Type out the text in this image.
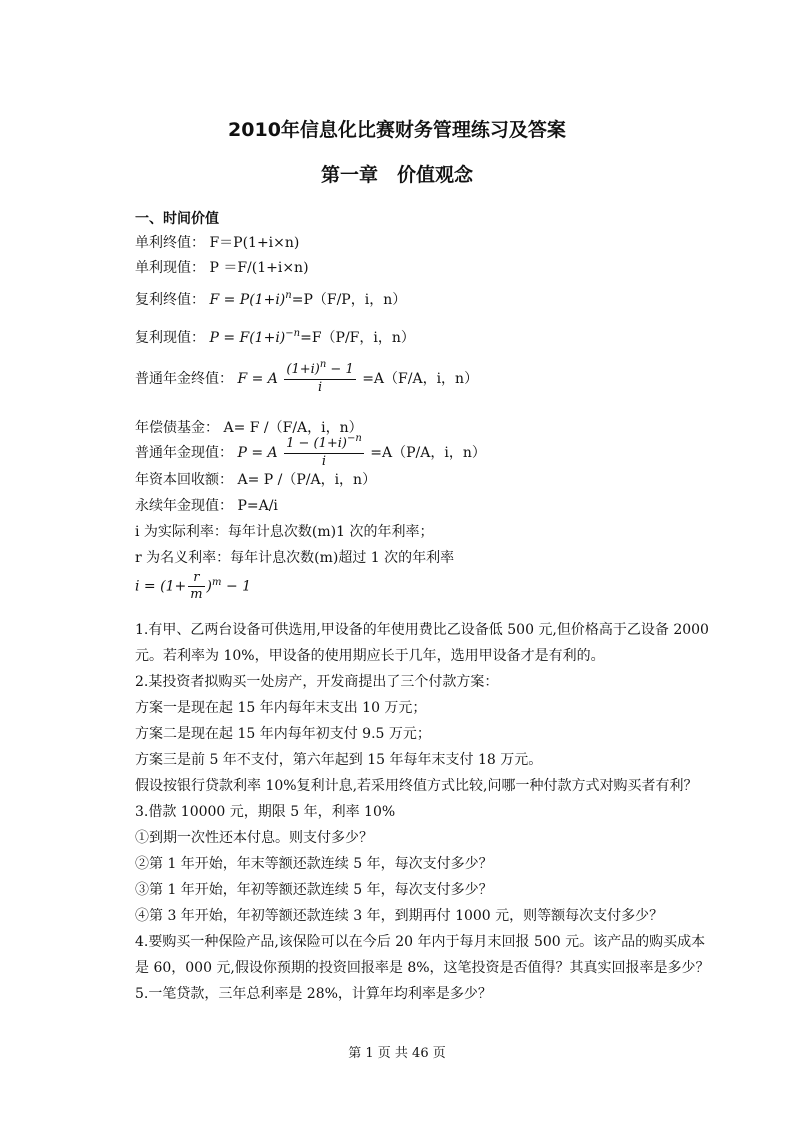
2010年信息化比赛财务管理练习及答案
第一章　价值观念
一、时间价值
单利终值： F＝P(1+i×n)
单利现值： P ＝F/(1+i×n)
复利终值： $F = P(1+i)^n=P(F/P$，i，n）
复利现值： $P = F(1+i)^{-n}=F(P/F$，i，n）
普通年金终值： F = A $\frac{(1+i)^n - 1}{i} =A(F/A$，i，n）
年偿债基金： A= F /（F/A，i，n）
普通年金现值： P = A $\frac{1 - (1+i)^{-n}}{i} =A(P/A$，i，n）
年资本回收额： A= P /（P/A，i，n）
永续年金现值： P=A/i
i 为实际利率：每年计息次数(m)1 次的年利率；
r 为名义利率：每年计息次数(m)超过 1 次的年利率
$i = (1+ \frac{r}{m} )^m - 1$
1.有甲、乙两台设备可供选用,甲设备的年使用费比乙设备低 500 元,但价格高于乙设备 2000
元。若利率为 10%，甲设备的使用期应长于几年，选用甲设备才是有利的。
2.某投资者拟购买一处房产，开发商提出了三个付款方案：
方案一是现在起 15 年内每年末支出 10 万元；
方案二是现在起 15 年内每年初支付 9.5 万元；
方案三是前 5 年不支付，第六年起到 15 年每年末支付 18 万元。
假设按银行贷款利率 10%复利计息,若采用终值方式比较,问哪一种付款方式对购买者有利？
3.借款 10000 元，期限 5 年，利率 10%
①到期一次性还本付息。则支付多少？
②第 1 年开始，年末等额还款连续 5 年，每次支付多少？
③第 1 年开始，年初等额还款连续 5 年，每次支付多少？
④第 3 年开始，年初等额还款连续 3 年，到期再付 1000 元，则等额每次支付多少？
4.要购买一种保险产品,该保险可以在今后 20 年内于每月末回报 500 元。该产品的购买成本
是 60，000 元,假设你预期的投资回报率是 8%，这笔投资是否值得？其真实回报率是多少？
5.一笔贷款，三年总利率是 28%，计算年均利率是多少？
第 1 页 共 46 页
